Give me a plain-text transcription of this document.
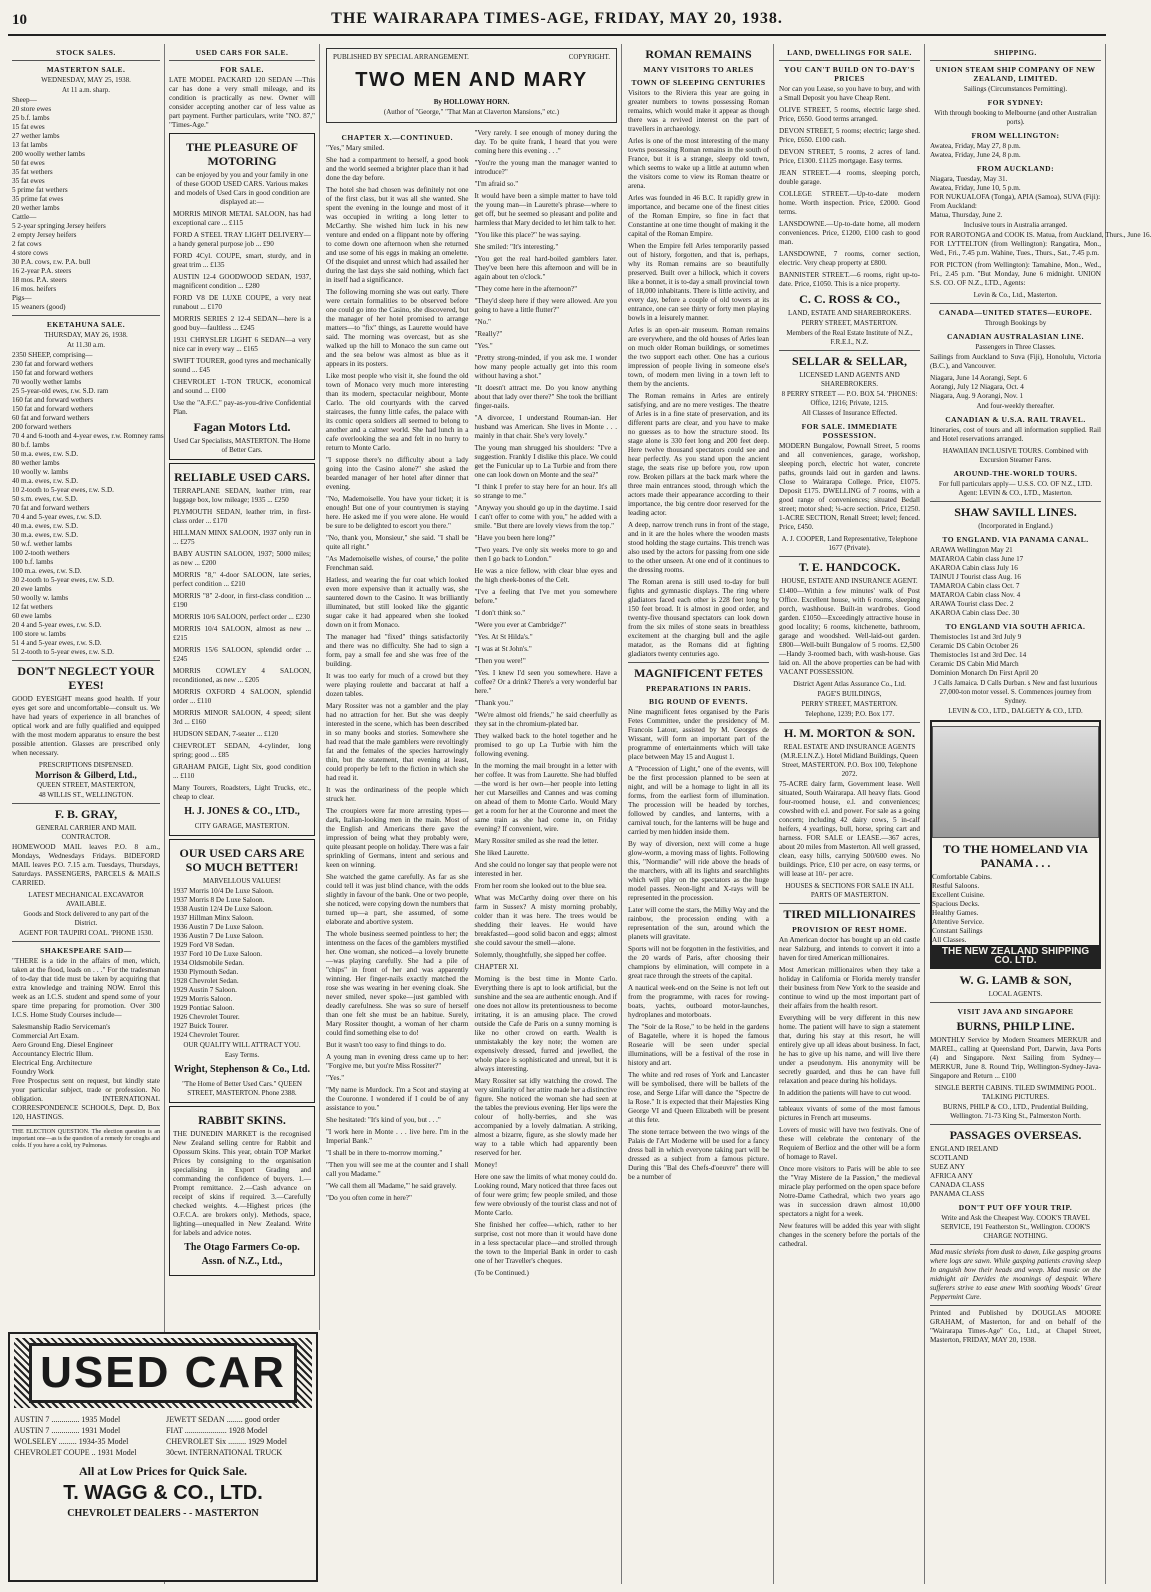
10	THE WAIRARAPA TIMES-AGE, FRIDAY, MAY 20, 1938.
STOCK SALES.
MASTERTON SALE.
WEDNESDAY, MAY 25, 1938.
At 11 a.m. sharp.
Sheep—
20 store ewes
25 b.f. lambs
15 fat ewes
27 wether lambs
13 fat lambs
200 woolly wether lambs
50 fat ewes
35 fat wethers
35 fat ewes
5 prime fat wethers
35 prime fat ewes
20 wether lambs
Cattle—
5 2-year springing Jersey heifers
2 empty Jersey heifers
2 fat cows
4 store cows
30 P.A. cows, r.w. P.A. bull
16 2-year P.A. steers
18 mos. P.A. steers
16 mos. heifers
Pigs—
15 weaners (good)
EKETAHUNA SALE.
THURSDAY, MAY 26, 1938.
At 11.30 a.m.
2350 SHEEP, comprising—
230 fat and forward wethers
150 fat and forward wethers
70 woolly wether lambs
25 5-year-old ewes, r.w. S.D. ram
160 fat and forward wethers
150 fat and forward wethers
60 fat and forward wethers
200 forward wethers
70 4 and 6-tooth and 4-year ewes, r.w. Romney rams
80 b.f. lambs
50 m.a. ewes, r.w. S.D.
80 wether lambs
10 woolly w. lambs
40 m.a. ewes, r.w. S.D.
10 2-tooth to 5-year ewes, r.w. S.D.
50 s.m. ewes, r.w. S.D.
70 fat and forward wethers
70 4 and 5-year ewes, r.w. S.D.
40 m.a. ewes, r.w. S.D.
30 m.a. ewes, r.w. S.D.
50 w.f. wether lambs
100 2-tooth wethers
100 b.f. lambs
100 m.a. ewes, r.w. S.D.
30 2-tooth to 5-year ewes, r.w. S.D.
20 ewe lambs
50 woolly w. lambs
12 fat wethers
60 ewe lambs
20 4 and 5-year ewes, r.w. S.D.
100 store w. lambs
51 4 and 5-year ewes, r.w. S.D.
51 2-tooth to 5-year ewes, r.w. S.D.
DON'T NEGLECT YOUR EYES!

GOOD EYESIGHT means good health. If your eyes get sore and uncomfortable—consult us. We have had years of experience in all branches of optical work and are fully qualified and equipped with the most modern apparatus to ensure the best possible attention. Glasses are prescribed only when necessary.

PRESCRIPTIONS DISPENSED.
Morrison & Gilberd, Ltd.,
QUEEN STREET, MASTERTON,
48 WILLIS ST., WELLINGTON.
F. B. GRAY,
GENERAL CARRIER AND MAIL CONTRACTOR.

HOMEWOOD MAIL leaves P.O. 8 a.m., Mondays, Wednesdays Fridays. BIDEFORD MAIL leaves P.O. 7.15 a.m. Tuesdays, Thursdays, Saturdays. PASSENGERS, PARCELS & MAILS CARRIED.

LATEST MECHANICAL EXCAVATOR AVAILABLE.
Goods and Stock delivered to any part of the District.
AGENT FOR TAUPIRI COAL. 'PHONE 1530.
SHAKESPEARE SAID—

"THERE is a tide in the affairs of men, which, taken at the flood, leads on . . ." For the tradesman of to-day that tide must be taken by acquiring that extra knowledge and training NOW. Enrol this week as an I.C.S. student and spend some of your spare time preparing for promotion. Over 300 I.C.S. Home Study Courses include—

Salesmanship Radio Serviceman's
Commercial Art Exam.
Aero Ground Eng. Diesel Engineer
Accountancy Electric Illum.
Electrical Eng. Architecture
Foundry Work

Free Prospectus sent on request, but kindly state your particular subject, trade or profession. No obligation. INTERNATIONAL CORRESPONDENCE SCHOOLS, Dept. D, Box 120, HASTINGS.

THE ELECTION QUESTION. The election question is an important one—as is the question of a remedy for coughs and colds. If you have a cold, try Pulmonas.

USED CARS FOR SALE.
FOR SALE.

LATE MODEL PACKARD 120 SEDAN —This car has done a very small mileage, and its condition is practically as new. Owner will consider accepting another car of less value as part payment. Further particulars, write "NO. 87," "Times-Age."

THE PLEASURE OF MOTORING

can be enjoyed by you and your family in one of these GOOD USED CARS. Various makes and models of Used Cars in good condition are displayed at:—

MORRIS MINOR METAL SALOON, has had exceptional care ... £115

FORD A STEEL TRAY LIGHT DELIVERY—a handy general purpose job ... £90

FORD 4Cyl. COUPE, smart, sturdy, and in great trim ... £135

AUSTIN 12-4 GOODWOOD SEDAN, 1937, magnificent condition ... £280

FORD V8 DE LUXE COUPE, a very neat runabout ... £170

MORRIS SERIES 2 12-4 SEDAN—here is a good buy—faultless ... £245

1931 CHRYSLER LIGHT 6 SEDAN—a very nice car in every way ... £165

SWIFT TOURER, good tyres and mechanically sound ... £45

CHEVROLET 1-TON TRUCK, economical and sound ... £100

Use the "A.F.C." pay-as-you-drive Confidential Plan.

Fagan Motors Ltd.
Used Car Specialists, MASTERTON. The Home of Better Cars.
RELIABLE USED CARS.

TERRAPLANE SEDAN, leather trim, rear luggage box, low mileage; 1935 ... £250

PLYMOUTH SEDAN, leather trim, in first-class order ... £170

HILLMAN MINX SALOON, 1937 only run in ... £275

BABY AUSTIN SALOON, 1937; 5000 miles; as new ... £200

MORRIS "8," 4-door SALOON, late series, perfect condition ... £210

MORRIS "8" 2-door, in first-class condition ... £190

MORRIS 10/6 SALOON, perfect order ... £230

MORRIS 10/4 SALOON, almost as new ... £215

MORRIS 15/6 SALOON, splendid order ... £245

MORRIS COWLEY 4 SALOON, reconditioned, as new ... £205

MORRIS OXFORD 4 SALOON, splendid order ... £110

MORRIS MINOR SALOON, 4 speed; silent 3rd ... £160

HUDSON SEDAN, 7-seater ... £120

CHEVROLET SEDAN, 4-cylinder, long spring; good ... £85

GRAHAM PAIGE, Light Six, good condition ... £110

Many Tourers, Roadsters, Light Trucks, etc., cheap to clear.

H. J. JONES & CO., LTD.,
CITY GARAGE, MASTERTON.
OUR USED CARS ARE SO MUCH BETTER!
MARVELLOUS VALUES!
1937 Morris 10/4 De Luxe Saloon.
1937 Morris 8 De Luxe Saloon.
1938 Austin 12/4 De Luxe Saloon.
1937 Hillman Minx Saloon.
1936 Austin 7 De Luxe Saloon.
1936 Austin 7 De Luxe Saloon.
1929 Ford V8 Sedan.
1937 Ford 10 De Luxe Saloon.
1934 Oldsmobile Sedan.
1930 Plymouth Sedan.
1928 Chevrolet Sedan.
1929 Austin 7 Saloon.
1929 Morris Saloon.
1929 Pontiac Saloon.
1926 Chevrolet Tourer.
1927 Buick Tourer.
1924 Chevrolet Tourer.
OUR QUALITY WILL ATTRACT YOU.
Easy Terms.
Wright, Stephenson & Co., Ltd.
"The Home of Better Used Cars." QUEEN STREET, MASTERTON. Phone 2388.
RABBIT SKINS.

THE DUNEDIN MARKET is the recognised New Zealand selling centre for Rabbit and Opossum Skins. This year, obtain TOP Market Prices by consigning to the organisation specialising in Export Grading and commanding the confidence of buyers. 1.—Prompt remittance. 2.—Cash advance on receipt of skins if required. 3.—Carefully checked weights. 4.—Highest prices (the O.F.C.A. are brokers only). Methods, space, lighting—unequalled in New Zealand. Write for labels and advice notes.

The Otago Farmers Co-op. Assn. of N.Z., Ltd.,
USED CAR
AUSTIN 7 .............. 1935 Model
AUSTIN 7 .............. 1931 Model
WOLSELEY ......... 1934-35 Model
CHEVROLET COUPE .. 1931 Model
JEWETT SEDAN ........ good order
FIAT ..................... 1928 Model
CHEVROLET Six ......... 1929 Model
30cwt. INTERNATIONAL TRUCK
All at Low Prices for Quick Sale.
T. WAGG & CO., LTD.
CHEVROLET DEALERS - - MASTERTON
PUBLISHED BY SPECIAL ARRANGEMENT.	COPYRIGHT.
TWO MEN AND MARY
By HOLLOWAY HORN.
(Author of "George," "That Man at Claverton Mansions," etc.)
CHAPTER X.—CONTINUED.

"Yes," Mary smiled.

She had a compartment to herself, a good book and the world seemed a brighter place than it had done the day before.

The hotel she had chosen was definitely not one of the first class, but it was all she wanted. She spent the evening in the lounge and most of it was occupied in writing a long letter to McCarthy. She wished him luck in his new venture and ended on a flippant note by offering to come down one afternoon when she returned and use some of his eggs in making an omelette. Of the disquiet and unrest which had assailed her during the last days she said nothing, which fact in itself had a significance.

The following morning she was out early. There were certain formalities to be observed before one could go into the Casino, she discovered, but the manager of her hotel promised to arrange matters—to "fix" things, as Laurette would have said. The morning was overcast, but as she walked up the hill to Monaco the sun came out and the sea below was almost as blue as it appears in its posters.

Like most people who visit it, she found the old town of Monaco very much more interesting than its modern, spectacular neighbour, Monte Carlo. The old courtyards with the carved staircases, the funny little cafes, the palace with its comic opera soldiers all seemed to belong to another and a calmer world. She had lunch in a cafe overlooking the sea and felt in no hurry to return to Monte Carlo.

"I suppose there's no difficulty about a lady going into the Casino alone?" she asked the bearded manager of her hotel after dinner that evening.

"No, Mademoiselle. You have your ticket; it is enough! But one of your countrymen is staying here. He asked me if you were alone. He would be sure to be delighted to escort you there."

"No, thank you, Monsieur," she said. "I shall be quite all right."

"As Mademoiselle wishes, of course," the polite Frenchman said.

Hatless, and wearing the fur coat which looked even more expensive than it actually was, she sauntered down to the Casino. It was brilliantly illuminated, but still looked like the gigantic sugar cake it had appeared when she looked down on it from Monaco.

The manager had "fixed" things satisfactorily and there was no difficulty. She had to sign a form, pay a small fee and she was free of the building.

It was too early for much of a crowd but they were playing roulette and baccarat at half a dozen tables.

Mary Rossiter was not a gambler and the play had no attraction for her. But she was deeply interested in the scene, which has been described in so many books and stories. Somewhere she had read that the male gamblers were revoltingly fat and the females of the species harrowingly thin, but the statement, that evening at least, could properly be left to the fiction in which she had read it.

It was the ordinariness of the people which struck her.

The croupiers were far more arresting types—dark, Italian-looking men in the main. Most of the English and Americans there gave the impression of being what they probably were, quite pleasant people on holiday. There was a fair sprinkling of Germans, intent and serious and keen on winning.

She watched the game carefully. As far as she could tell it was just blind chance, with the odds slightly in favour of the bank. One or two people, she noticed, were copying down the numbers that turned up—a part, she assumed, of some elaborate and abortive system.

The whole business seemed pointless to her; the intentness on the faces of the gamblers mystified her. One woman, she noticed—a lovely brunette—was playing carefully. She had a pile of "chips" in front of her and was apparently winning. Her finger-nails exactly matched the rose she was wearing in her evening cloak. She never smiled, never spoke—just gambled with deadly carefulness. She was so sure of herself than one felt she must be an habitue. Surely, Mary Rossiter thought, a woman of her charm could find something else to do!

But it wasn't too easy to find things to do.

A young man in evening dress came up to her: "Forgive me, but you're Miss Rossiter?"

"Yes."

"My name is Murdock. I'm a Scot and staying at the Couronne. I wondered if I could be of any assistance to you."

She hesitated: "It's kind of you, but . . ."

"I work here in Monte . . . live here. I'm in the Imperial Bank."

"I shall be in there to-morrow morning."

"Then you will see me at the counter and I shall call you Madame."

"We call them all 'Madame,'" he said gravely.

"Do you often come in here?"

"Very rarely. I see enough of money during the day. To be quite frank, I heard that you were coming here this evening . . ."

"You're the young man the manager wanted to introduce?"

"I'm afraid so."

It would have been a simple matter to have told the young man—in Laurette's phrase—where to get off, but he seemed so pleasant and polite and harmless that Mary decided to let him talk to her.

"You like this place?" he was saying.

She smiled: "It's interesting."

"You get the real hard-boiled gamblers later. They've been here this afternoon and will be in again about ten o'clock."

"They come here in the afternoon?"

"They'd sleep here if they were allowed. Are you going to have a little flutter?"

"No."

"Really?"

"Yes."

"Pretty strong-minded, if you ask me. I wonder how many people actually get into this room without having a shot."

"It doesn't attract me. Do you know anything about that lady over there?" She took the brilliant finger-nails.

"A divorcee, I understand Rouman-ian. Her husband was American. She lives in Monte . . . mainly in that chair. She's very lovely."

The young man shrugged his shoulders: "I've a suggestion. Frankly I dislike this place. We could get the Funicular up to La Turbie and from there one can look down on Monte and the sea?"

"I think I prefer to stay here for an hour. It's all so strange to me."

"Anyway you should go up in the daytime. I said I can't offer to come with you," he added with a smile. "But there are lovely views from the top."

"Have you been here long?"

"Two years. I've only six weeks more to go and then I go back to London."

He was a nice fellow, with clear blue eyes and the high cheek-bones of the Celt.

"I've a feeling that I've met you somewhere before."

"I don't think so."

"Were you ever at Cambridge?"

"Yes. At St Hilda's."

"I was at St John's."

"Then you were!"

"Yes. I knew I'd seen you somewhere. Have a coffee? Or a drink? There's a very wonderful bar here."

"Thank you."

"We're almost old friends," he said cheerfully as they sat in the chromium-plated bar.

They walked back to the hotel together and he promised to go up La Turbie with him the following evening.

In the morning the mail brought in a letter with her coffee. It was from Laurette. She had bluffed—the word is her own—her people into letting her cut Marseilles and Cannes and was coming on ahead of them to Monte Carlo. Would Mary get a room for her at the Couronne and meet the same train as she had come in, on Friday evening? If convenient, wire.

Mary Rossiter smiled as she read the letter.

She liked Laurette.

And she could no longer say that people were not interested in her.

From her room she looked out to the blue sea.

What was McCarthy doing over there on his farm in Sussex? A misty morning probably, colder than it was here. The trees would be shedding their leaves. He would have breakfasted—good solid bacon and eggs; almost she could savour the smell—alone.

Solemnly, thoughtfully, she sipped her coffee.

CHAPTER XI.

Morning is the best time in Monte Carlo. Everything there is apt to look artificial, but the sunshine and the sea are authentic enough. And if one does not allow its pretentiousness to become irritating, it is an amusing place. The crowd outside the Cafe de Paris on a sunny morning is like no other crowd on earth. Wealth is unmistakably the key note; the women are expensively dressed, furred and jewelled, the whole place is sophisticated and unreal, but it is always interesting.

Mary Rossiter sat idly watching the crowd. The very similarity of her attire made her a distinctive figure. She noticed the woman she had seen at the tables the previous evening. Her lips were the colour of holly-berries, and she was accompanied by a lovely dalmatian. A striking, almost a bizarre, figure, as she slowly made her way to a table which had apparently been reserved for her.

Money!

Here one saw the limits of what money could do. Looking round, Mary noticed that three faces out of four were grim; few people smiled, and those few were obviously of the tourist class and not of Monte Carlo.

She finished her coffee—which, rather to her surprise, cost not more than it would have done in a less spectacular place—and strolled through the town to the Imperial Bank in order to cash one of her Traveller's cheques.

(To be Continued.)

ROMAN REMAINS
MANY VISITORS TO ARLES
TOWN OF SLEEPING CENTURIES

Visitors to the Riviera this year are going in greater numbers to towns possessing Roman remains, which would make it appear as though there was a revived interest on the part of travellers in archaeology.

Arles is one of the most interesting of the many towns possessing Roman remains in the south of France, but it is a strange, sleepy old town, which seems to wake up a little at autumn when the visitors come to view its Roman theatre or arena.

Arles was founded in 46 B.C. It rapidly grew in importance, and became one of the finest cities of the Roman Empire, so fine in fact that Constantine at one time thought of making it the capital of the Roman Empire.

When the Empire fell Arles temporarily passed out of history, forgotten, and that is, perhaps, why its Roman remains are so beautifully preserved. Built over a hillock, which it covers like a bonnet, it is to-day a small provincial town of 18,000 inhabitants. There is little activity, and every day, before a couple of old towers at its entrance, one can see thirty or forty men playing bowls in a leisurely manner.

Arles is an open-air museum. Roman remains are everywhere, and the old houses of Arles lean on much older Roman buildings, or sometimes the two support each other. One has a curious impression of people living in someone else's town, of modern men living in a town left to them by the ancients.

The Roman remains in Arles are entirely satisfying, and are no mere vestiges. The theatre of Arles is in a fine state of preservation, and its different parts are clear, and you have to make no guesses as to how the structure stood. Its stage alone is 330 feet long and 200 feet deep. Here twelve thousand spectators could see and hear perfectly. As you stand upon the ancient stage, the seats rise up before you, row upon row. Broken pillars at the back mark where the three main entrances stood, through which the actors made their appearance according to their importance, the big centre door reserved for the leading actor.

A deep, narrow trench runs in front of the stage, and in it are the holes where the wooden masts stood holding the stage curtains. This trench was also used by the actors for passing from one side to the other unseen. At one end of it continues to the dressing rooms.

The Roman arena is still used to-day for bull fights and gymnastic displays. The ring where gladiators faced each other is 228 feet long by 150 feet broad. It is almost in good order, and twenty-five thousand spectators can look down from the six miles of stone seats in breathless excitement at the charging bull and the agile matador, as the Romans did at fighting gladiators twenty centuries ago.

MAGNIFICENT FETES
PREPARATIONS IN PARIS.
BIG ROUND OF EVENTS.

Nine magnificent fetes organised by the Paris Fetes Committee, under the presidency of M. Francois Latour, assisted by M. Georges de Wissant, will form an important part of the programme of entertainments which will take place between May 15 and August 1.

A "Procession of Light," one of the events, will be the first procession planned to be seen at night, and will be a homage to light in all its forms, from the earliest form of illumination. The procession will be headed by torches, followed by candles, and lanterns, with a carnival touch, for the lanterns will be huge and carried by men hidden inside them.

By way of diversion, next will come a huge glow-worm, a moving mass of lights. Following this, "Normandie" will ride above the heads of the marchers, with all its lights and searchlights which will play on the spectators as the huge model passes. Neon-light and X-rays will be represented in the procession.

Later will come the stars, the Milky Way and the rainbow, the procession ending with a representation of the sun, around which the planets will gravitate.

Sports will not be forgotten in the festivities, and the 20 wards of Paris, after choosing their champions by elimination, will compete in a great race through the streets of the capital.

A nautical week-end on the Seine is not left out from the programme, with races for rowing-boats, yachts, outboard motor-launches, hydroplanes and motorboats.

The "Soir de la Rose," to be held in the gardens of Bagatelle, where it is hoped the famous Rosearie will be seen under special illuminations, will be a festival of the rose in history and art.

The white and red roses of York and Lancaster will be symbolised, there will be ballets of the rose, and Serge Lifar will dance the "Spectre de la Rose." It is expected that their Majesties King George VI and Queen Elizabeth will be present at this fete.

The stone terrace between the two wings of the Palais de l'Art Moderne will be used for a fancy dress ball in which everyone taking part will be dressed as a subject from a famous picture. During this "Bal des Chefs-d'oeuvre" there will be a number of

LAND, DWELLINGS FOR SALE.
YOU CAN'T BUILD ON TO-DAY'S PRICES

Nor can you Lease, so you have to buy, and with a Small Deposit you have Cheap Rent.

OLIVE STREET, 5 rooms, electric large shed. Price, £650. Good terms arranged.

DEVON STREET, 5 rooms; electric; large shed. Price, £650. £100 cash.

DEVON STREET, 5 rooms, 2 acres of land. Price, £1300. £1125 mortgage. Easy terms.

JEAN STREET.—4 rooms, sleeping porch, double garage.

COLLEGE STREET.—Up-to-date modern home. Worth inspection. Price, £2000. Good terms.

LANSDOWNE.—Up-to-date home, all modern conveniences. Price, £1200, £100 cash to good man.

LANSDOWNE, 7 rooms, corner section, electric. Very cheap property at £800.

BANNISTER STREET.—6 rooms, right up-to-date. Price, £1050. This is a nice property.

C. C. ROSS & CO.,
LAND, ESTATE AND SHAREBROKERS.
PERRY STREET, MASTERTON.
Members of the Real Estate Institute of N.Z., F.R.E.I., N.Z.
SELLAR & SELLAR,
LICENSED LAND AGENTS AND SHAREBROKERS.
8 PERRY STREET — P.O. BOX 54. 'PHONES: Office, 1216; Private, 1215.
All Classes of Insurance Effected.
FOR SALE. IMMEDIATE POSSESSION.

MODERN Bungalow, Pownall Street, 5 rooms and all conveniences, garage, workshop, sleeping porch, electric hot water, concrete paths, grounds laid out in garden and lawns. Close to Wairarapa College. Price, £1075. Deposit £175. DWELLING of 7 rooms, with a good range of conveniences; situated Bedall street; motor shed; ¼-acre section. Price, £1250. 1-ACRE SECTION, Renall Street; level; fenced. Price, £450.

A. J. COOPER, Land Representative, Telephone 1677 (Private).
T. E. HANDCOCK.
HOUSE, ESTATE AND INSURANCE AGENT.

£1400—Within a few minutes' walk of Post Office. Excellent house, with 6 rooms, sleeping porch, washhouse. Built-in wardrobes. Good garden. £1050—Exceedingly attractive house in good locality; 6 rooms, kitchenette, bathroom, garage and woodshed. Well-laid-out garden. £800—Well-built Bungalow of 5 rooms. £2,500—Handy 3-roomed bach, with wash-house. Gas laid on. All the above properties can be had with VACANT POSSESSION.

District Agent Atlas Assurance Co., Ltd.
PAGE'S BUILDINGS,
PERRY STREET, MASTERTON.
Telephone, 1239; P.O. Box 177.
H. M. MORTON & SON.
REAL ESTATE AND INSURANCE AGENTS (M.R.E.I.N.Z.). Hotel Midland Buildings, Queen Street, MASTERTON. P.O. Box 100, Telephone 2072.

75-ACRE dairy farm, Government lease. Well situated, South Wairarapa. All heavy flats. Good four-roomed house, e.l. and conveniences; cowshed with e.l. and power. For sale as a going concern; including 42 dairy cows, 5 in-calf heifers, 4 yearlings, bull, horse, spring cart and harness. FOR SALE or LEASE.—367 acres, about 20 miles from Masterton. All well grassed, clean, easy hills, carrying 500/600 ewes. No buildings. Price, £10 per acre, on easy terms, or will lease at 10/- per acre.

HOUSES & SECTIONS FOR SALE IN ALL PARTS OF MASTERTON.
TIRED MILLIONAIRES
PROVISION OF REST HOME.

An American doctor has bought up an old castle near Salzburg, and intends to convert it into a haven for tired American millionaires.

Most American millionaires when they take a holiday in California or Florida merely transfer their business from New York to the seaside and continue to wind up the most important part of their affairs from the health resort.

Everything will be very different in this new home. The patient will have to sign a statement that, during his stay at this resort, he will entirely give up all ideas about business. In fact, he has to give up his name, and will live there under a pseudonym. His anonymity will be secretly guarded, and thus he can have full relaxation and peace during his holidays.

In addition the patients will have to cut wood.

tableaux vivants of some of the most famous pictures in French art museums.

Lovers of music will have two festivals. One of these will celebrate the centenary of the Requiem of Berlioz and the other will be a form of homage to Ravel.

Once more visitors to Paris will be able to see the "Vray Mistere de la Passion," the medieval miracle play performed on the open space before Notre-Dame Cathedral, which two years ago was in succession drawn almost 10,000 spectators a night for a week.

New features will be added this year with slight changes in the scenery before the portals of the cathedral.

SHIPPING.
UNION STEAM SHIP COMPANY OF NEW ZEALAND, LIMITED.
Sailings (Circumstances Permitting).
FOR SYDNEY:
With through booking to Melbourne (and other Australian ports).
FROM WELLINGTON:
Awatea, Friday, May 27, 8 p.m.
Awatea, Friday, June 24, 8 p.m.
FROM AUCKLAND:
Niagara, Tuesday, May 31.
Awatea, Friday, June 10, 5 p.m.
FOR NUKUALOFA (Tonga), APIA (Samoa), SUVA (Fiji):
From Auckland:
Matua, Thursday, June 2.
Inclusive tours in Australia arranged.
FOR RAROTONGA and COOK IS. Matua, from Auckland, Thurs., June 16.

FOR LYTTELTON (from Wellington): Rangatira, Mon., Wed., Fri., 7.45 p.m. Wahine, Tues., Thurs., Sat., 7.45 p.m.

FOR PICTON (from Wellington): Tamahine, Mon., Wed., Fri., 2.45 p.m. "But Monday, June 6 midnight. UNION S.S. CO. OF N.Z., LTD., Agents:

Levin & Co., Ltd., Masterton.
CANADA—UNITED STATES—EUROPE.
Through Bookings by
CANADIAN AUSTRALASIAN LINE.
Passengers in Three Classes.

Sailings from Auckland to Suva (Fiji), Honolulu, Victoria (B.C.), and Vancouver.

Niagara, June 14 Aorangi, Sept. 6
Aorangi, July 12 Niagara, Oct. 4
Niagara, Aug. 9 Aorangi, Nov. 1
And four-weekly thereafter.
CANADIAN & U.S.A. RAIL TRAVEL.

Itineraries, cost of tours and all information supplied. Rail and Hotel reservations arranged.

HAWAIIAN INCLUSIVE TOURS. Combined with Excursion Steamer Fares.
AROUND-THE-WORLD TOURS.
For full particulars apply— U.S.S. CO. OF N.Z., LTD. Agent: LEVIN & CO., LTD., Masterton.
SHAW SAVILL LINES.
(Incorporated in England.)
TO ENGLAND. VIA PANAMA CANAL.
ARAWA Wellington May 21
MATAROA Cabin class June 17
AKAROA Cabin class July 16
TAINUI J Tourist class Aug. 16
TAMAROA Cabin class Oct. 7
MATAROA Cabin class Nov. 4
ARAWA Tourist class Dec. 2
AKAROA Cabin class Dec. 30
TO ENGLAND VIA SOUTH AFRICA.
Themistocles 1st and 3rd July 9
Ceramic DS Cabin October 26
Themistocles 1st and 3rd Dec. 14
Ceramic DS Cabin Mid March
Dominion Monarch Dn First April 20
J Calls Jamaica. D Calls Durban. s New and fast luxurious 27,000-ton motor vessel. S. Commences journey from Sydney.
LEVIN & CO., LTD., DALGETY & CO., LTD.
TO THE HOMELAND VIA PANAMA . . .
Comfortable Cabins.
Restful Saloons.
Excellent Cuisine.
Spacious Decks.
Healthy Games.
Attentive Service.
Constant Sailings
All Classes.
THE NEW ZEALAND SHIPPING CO. LTD.
W. G. LAMB & SON,
LOCAL AGENTS.
VISIT JAVA AND SINGAPORE
BURNS, PHILP LINE.

MONTHLY Service by Modern Steamers MERKUR and MAREL, calling at Queensland Port, Darwin, Java Ports (4) and Singapore. Next Sailing from Sydney— MERKUR, June 8. Round Trip, Wellington-Sydney-Java-Singapore and Return ... £100

SINGLE BERTH CABINS. TILED SWIMMING POOL. TALKING PICTURES.
BURNS, PHILP & CO., LTD., Prudential Building, Wellington. 71-73 King St., Palmerston North.
PASSAGES OVERSEAS.
ENGLAND IRELAND
SCOTLAND
SUEZ ANY
AFRICA ANY
CANADA CLASS
PANAMA CLASS
DON'T PUT OFF YOUR TRIP.
Write and Ask the Cheapest Way. COOK'S TRAVEL SERVICE, 191 Featherston St., Wellington. COOK'S CHARGE NOTHING.

Mad music shrieks from dusk to dawn, Like gasping groans where logs are sawn. While gasping patients craving sleep In anguish bow their heads and weep. Mad music on the midnight air Derides the moanings of despair. Where sufferers strive to ease anew With soothing Woods' Great Peppermint Cure.

Printed and Published by DOUGLAS MOORE GRAHAM, of Masterton, for and on behalf of the "Wairarapa Times-Age" Co., Ltd., at Chapel Street, Masterton, FRIDAY, MAY 20, 1938.
